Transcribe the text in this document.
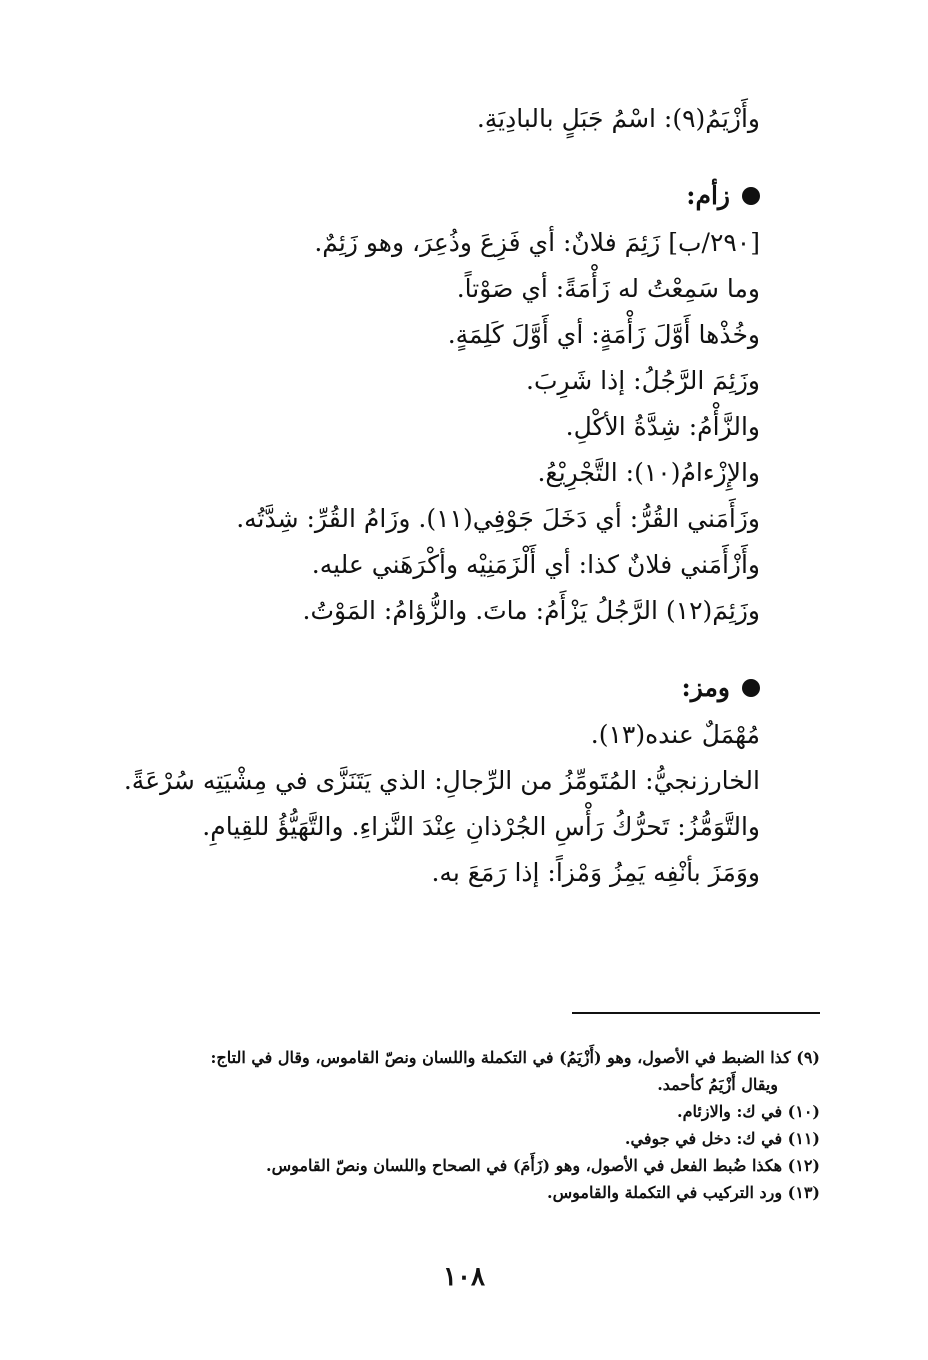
وأَزْيَمُ(٩): اسْمُ جَبَلٍ بالبادِيَةِ.
زأم:
[٢٩٠/ب] زَئِمَ فلانٌ: أي فَزِعَ وذُعِرَ، وهو زَئِمٌ.
وما سَمِعْتُ له زَأْمَةً: أي صَوْتاً.
وخُذْها أَوَّلَ زَأْمَةٍ: أي أَوَّلَ كَلِمَةٍ.
وزَئِمَ الرَّجُلُ: إذا شَرِبَ.
والزَّأْمُ: شِدَّةُ الأكْلِ.
والإِزْءامُ(١٠): التَّجْرِيْعُ.
وزَأَمَني القُرُّ: أي دَخَلَ جَوْفِي(١١). وزَامُ القُرِّ: شِدَّتُه.
وأَزْأَمَني فلانٌ كذا: أي أَلْزَمَنِيْه وأكْرَهَني عليه.
وزَئِمَ(١٢) الرَّجُلُ يَزْأَمُ: ماتَ. والزُّؤامُ: المَوْتُ.
ومز:
مُهْمَلٌ عنده(١٣).
الخارزنجيُّ: المُتَومِّزُ من الرِّجالِ: الذي يَتَنَزَّى في مِشْيَتِه سُرْعَةً.
والتَّوَمُّزُ: تَحرُّكُ رَأْسِ الجُرْذانِ عِنْدَ النَّزاءِ. والتَّهَيُّؤُ للقِيامِ.
ووَمَزَ بأنْفِه يَمِزُ وَمْزاً: إذا رَمَعَ به.
(٩) كذا الضبط في الأصول، وهو (أَزْيَمُ) في التكملة واللسان ونصّ القاموس، وقال في التاج:
ويقال أَزْيَمُ كأحمد.
(١٠) في ك: والازئام.
(١١) في ك: دخل في جوفي.
(١٢) هكذا ضُبط الفعل في الأصول، وهو (زَأَمَ) في الصحاح واللسان ونصّ القاموس.
(١٣) ورد التركيب في التكملة والقاموس.
١٠٨
